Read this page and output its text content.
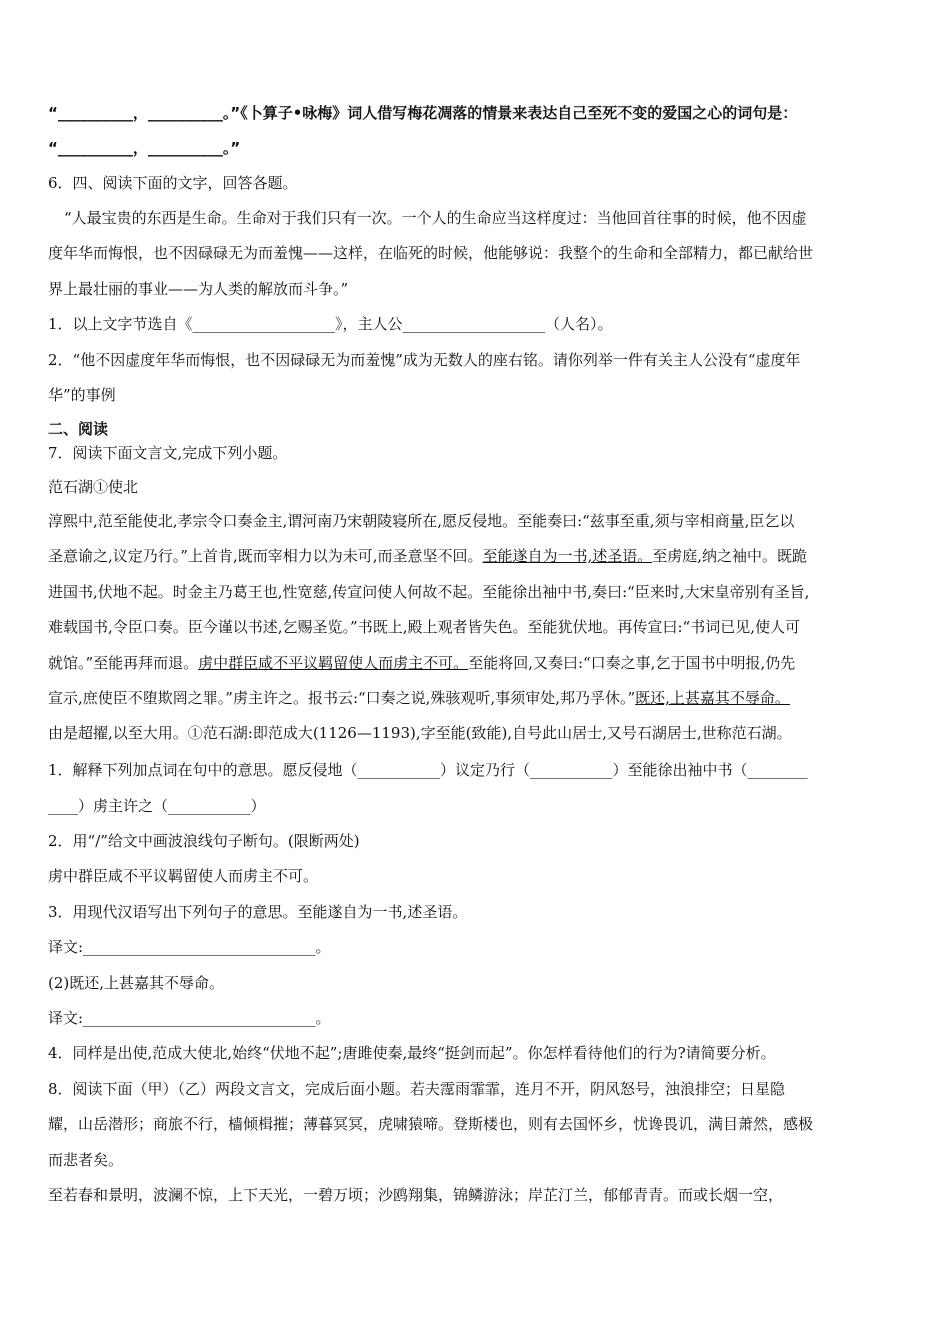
“__________，__________。”《卜算子•咏梅》词人借写梅花凋落的情景来表达自己至死不变的爱国之心的词句是：
“__________，__________。”
6．四、阅读下面的文字，回答各题。
“人最宝贵的东西是生命。生命对于我们只有一次。一个人的生命应当这样度过：当他回首往事的时候，他不因虚
度年华而悔恨，也不因碌碌无为而羞愧——这样，在临死的时候，他能够说：我整个的生命和全部精力，都已献给世
界上最壮丽的事业——为人类的解放而斗争。”
1．以上文字节选自《___________________》，主人公___________________（人名）。
2．“他不因虚度年华而悔恨，也不因碌碌无为而羞愧”成为无数人的座右铭。请你列举一件有关主人公没有“虚度年
华”的事例
二、阅读
7．阅读下面文言文,完成下列小题。
范石湖①使北
淳熙中,范至能使北,孝宗令口奏金主,谓河南乃宋朝陵寝所在,愿反侵地。至能奏曰:“兹事至重,须与宰相商量,臣乞以
圣意谕之,议定乃行。”上首肯,既而宰相力以为未可,而圣意坚不回。至能遂自为一书,述圣语。至虏庭,纳之袖中。既跪
进国书,伏地不起。时金主乃葛王也,性宽慈,传宣问使人何故不起。至能徐出袖中书,奏曰:“臣来时,大宋皇帝别有圣旨,
难载国书,令臣口奏。臣今谨以书述,乞赐圣览。”书既上,殿上观者皆失色。至能犹伏地。再传宣曰:“书词已见,使人可
就馆。”至能再拜而退。虏中群臣咸不平议羁留使人而虏主不可。至能将回,又奏曰:“口奏之事,乞于国书中明报,仍先
宣示,庶使臣不堕欺罔之罪。”虏主许之。报书云:“口奏之说,殊骇观听,事须审处,邦乃孚休。”既还,上甚嘉其不辱命。
由是超擢,以至大用。①范石湖:即范成大(1126—1193),字至能(致能),自号此山居士,又号石湖居士,世称范石湖。
1．解释下列加点词在句中的意思。愿反侵地（___________）议定乃行（___________）至能徐出袖中书（________
____）虏主许之（___________）
2．用“/”给文中画波浪线句子断句。(限断两处)
虏中群臣咸不平议羁留使人而虏主不可。
3．用现代汉语写出下列句子的意思。至能遂自为一书,述圣语。
译文:_______________________________。
(2)既还,上甚嘉其不辱命。
译文:_______________________________。
4．同样是出使,范成大使北,始终“伏地不起”;唐雎使秦,最终“挺剑而起”。你怎样看待他们的行为?请简要分析。
8．阅读下面（甲）（乙）两段文言文，完成后面小题。若夫霪雨霏霏，连月不开，阴风怒号，浊浪排空；日星隐
耀，山岳潜形；商旅不行，樯倾楫摧；薄暮冥冥，虎啸猿啼。登斯楼也，则有去国怀乡，忧谗畏讥，满目萧然，感极
而悲者矣。
至若春和景明，波澜不惊，上下天光，一碧万顷；沙鸥翔集，锦鳞游泳；岸芷汀兰，郁郁青青。而或长烟一空，
